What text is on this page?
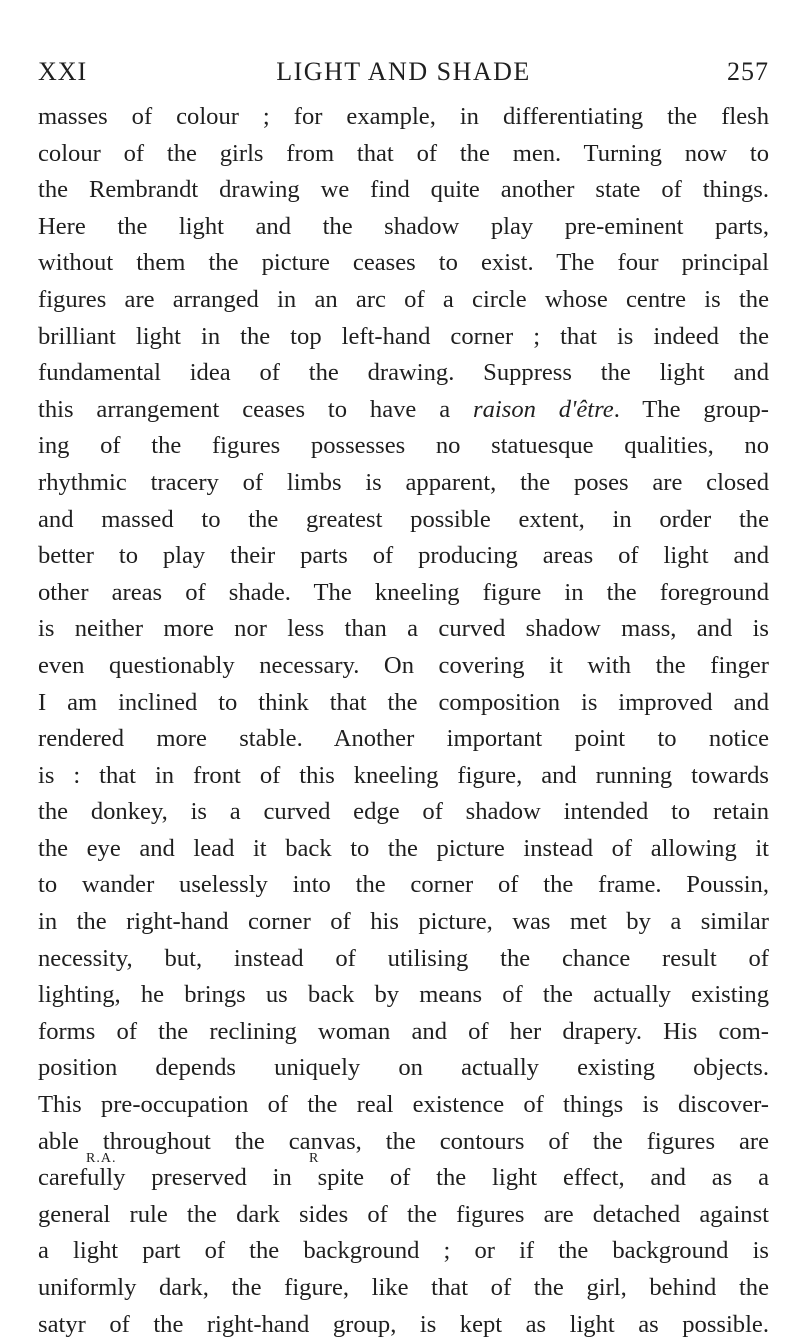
XXI	LIGHT AND SHADE	257
masses of colour ; for example, in differentiating the flesh
colour of the girls from that of the men. Turning now to
the Rembrandt drawing we find quite another state of things.
Here the light and the shadow play pre-eminent parts,
without them the picture ceases to exist. The four principal
figures are arranged in an arc of a circle whose centre is the
brilliant light in the top left-hand corner ; that is indeed the
fundamental idea of the drawing. Suppress the light and
this arrangement ceases to have a raison d'être. The group-
ing of the figures possesses no statuesque qualities, no
rhythmic tracery of limbs is apparent, the poses are closed
and massed to the greatest possible extent, in order the
better to play their parts of producing areas of light and
other areas of shade. The kneeling figure in the foreground
is neither more nor less than a curved shadow mass, and is
even questionably necessary. On covering it with the finger
I am inclined to think that the composition is improved and
rendered more stable. Another important point to notice
is : that in front of this kneeling figure, and running towards
the donkey, is a curved edge of shadow intended to retain
the eye and lead it back to the picture instead of allowing it
to wander uselessly into the corner of the frame. Poussin,
in the right-hand corner of his picture, was met by a similar
necessity, but, instead of utilising the chance result of
lighting, he brings us back by means of the actually existing
forms of the reclining woman and of her drapery. His com-
position depends uniquely on actually existing objects.
This pre-occupation of the real existence of things is discover-
able throughout the canvas, the contours of the figures are
carefully preserved in spite of the light effect, and as a
general rule the dark sides of the figures are detached against
a light part of the background ; or if the background is
uniformly dark, the figure, like that of the girl, behind the
satyr of the right-hand group, is kept as light as possible.
R.A.	R
